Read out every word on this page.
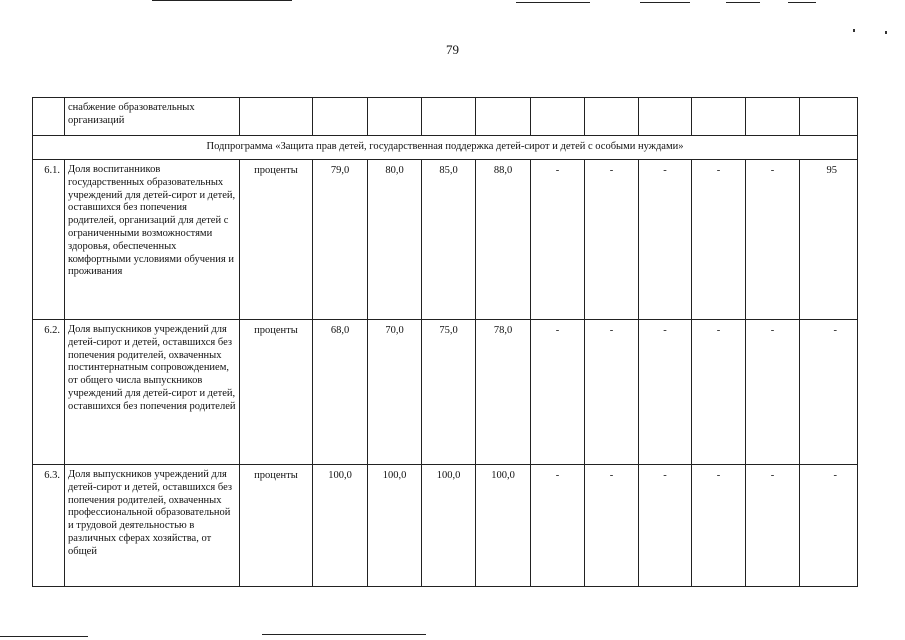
79
	снабжение образовательных организаций											
Подпрограмма «Защита прав детей, государственная поддержка детей-сирот и детей с особыми нуждами»												
6.1.	Доля воспитанников государственных образовательных учреждений для детей-сирот и детей, оставшихся без попечения родителей, организаций для детей с ограниченными возможностями здоровья, обеспеченных комфортными условиями обучения и проживания	проценты	79,0	80,0	85,0	88,0	-	-	-	-	-	95
6.2.	Доля выпускников учреждений для детей-сирот и детей, оставшихся без попечения родителей, охваченных постинтернатным сопровождением, от общего числа выпускников учреждений для детей-сирот и детей, оставшихся без попечения родителей	проценты	68,0	70,0	75,0	78,0	-	-	-	-	-	-
6.3.	Доля выпускников учреждений для детей-сирот и детей, оставшихся без попечения родителей, охваченных профессиональной образовательной и трудовой деятельностью в различных сферах хозяйства, от общей	проценты	100,0	100,0	100,0	100,0	-	-	-	-	-	-
